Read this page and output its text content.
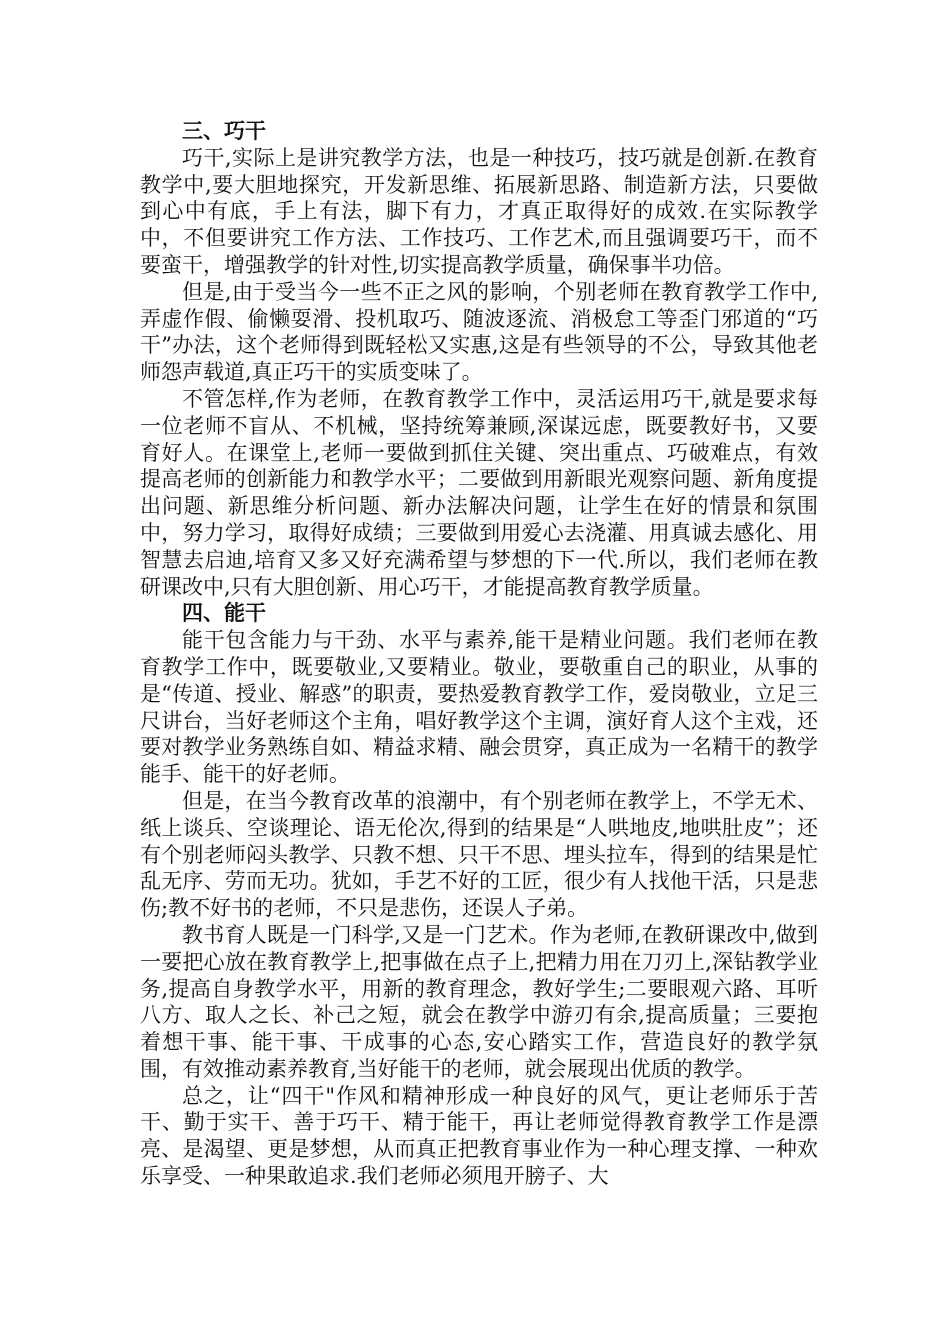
三、巧干

巧干,实际上是讲究教学方法，也是一种技巧，技巧就是创新.在教育教学中,要大胆地探究，开发新思维、拓展新思路、制造新方法，只要做到心中有底，手上有法，脚下有力，才真正取得好的成效.在实际教学中，不但要讲究工作方法、工作技巧、工作艺术,而且强调要巧干，而不要蛮干，增强教学的针对性,切实提高教学质量，确保事半功倍。

但是,由于受当今一些不正之风的影响，个别老师在教育教学工作中,弄虚作假、偷懒耍滑、投机取巧、随波逐流、消极怠工等歪门邪道的“巧干”办法，这个老师得到既轻松又实惠,这是有些领导的不公，导致其他老师怨声载道,真正巧干的实质变味了。

不管怎样,作为老师，在教育教学工作中，灵活运用巧干,就是要求每一位老师不盲从、不机械，坚持统筹兼顾,深谋远虑，既要教好书，又要育好人。在课堂上,老师一要做到抓住关键、突出重点、巧破难点，有效提高老师的创新能力和教学水平；二要做到用新眼光观察问题、新角度提出问题、新思维分析问题、新办法解决问题，让学生在好的情景和氛围中，努力学习，取得好成绩；三要做到用爱心去浇灌、用真诚去感化、用智慧去启迪,培育又多又好充满希望与梦想的下一代.所以，我们老师在教研课改中,只有大胆创新、用心巧干，才能提高教育教学质量。

四、能干

能干包含能力与干劲、水平与素养,能干是精业问题。我们老师在教育教学工作中，既要敬业,又要精业。敬业，要敬重自己的职业，从事的是“传道、授业、解惑”的职责，要热爱教育教学工作，爱岗敬业，立足三尺讲台，当好老师这个主角，唱好教学这个主调，演好育人这个主戏，还要对教学业务熟练自如、精益求精、融会贯穿，真正成为一名精干的教学能手、能干的好老师。

但是，在当今教育改革的浪潮中，有个别老师在教学上，不学无术、纸上谈兵、空谈理论、语无伦次,得到的结果是“人哄地皮,地哄肚皮”；还有个别老师闷头教学、只教不想、只干不思、埋头拉车，得到的结果是忙乱无序、劳而无功。犹如，手艺不好的工匠，很少有人找他干活，只是悲伤;教不好书的老师，不只是悲伤，还误人子弟。

教书育人既是一门科学,又是一门艺术。作为老师,在教研课改中,做到一要把心放在教育教学上,把事做在点子上,把精力用在刀刃上,深钻教学业务,提高自身教学水平，用新的教育理念，教好学生;二要眼观六路、耳听八方、取人之长、补己之短，就会在教学中游刃有余,提高质量；三要抱着想干事、能干事、干成事的心态,安心踏实工作，营造良好的教学氛围，有效推动素养教育,当好能干的老师，就会展现出优质的教学。

总之，让“四干"作风和精神形成一种良好的风气，更让老师乐于苦干、勤于实干、善于巧干、精于能干，再让老师觉得教育教学工作是漂亮、是渴望、更是梦想，从而真正把教育事业作为一种心理支撑、一种欢乐享受、一种果敢追求.我们老师必须甩开膀子、大
